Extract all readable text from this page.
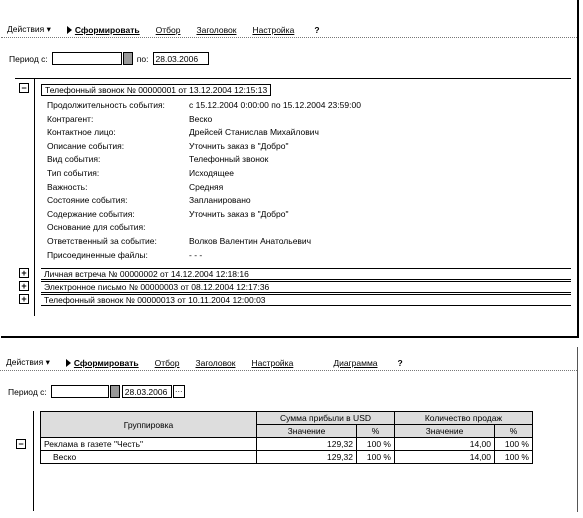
Действия ▾	Сформировать Отбор Заголовок Настройка ?
Период с:	по: 28.03.2006
−
+
+
+
Телефонный звонок № 00000001 от 13.12.2004 12:15:13
Продолжительность события:	с 15.12.2004 0:00:00 по 15.12.2004 23:59:00
Контрагент:	Веско
Контактное лицо:	Дрейсей Станислав Михайлович
Описание события:	Уточнить заказ в "Добро"
Вид события:	Телефонный звонок
Тип события:	Исходящее
Важность:	Средняя
Состояние события:	Запланировано
Содержание события:	Уточнить заказ в "Добро"
Основание для события:
Ответственный за событие:	Волков Валентин Анатольевич
Присоединенные файлы:	- - -
Личная встреча № 00000002 от 14.12.2004 12:18:16
Электронное письмо № 00000003 от 08.12.2004 12:17:36
Телефонный звонок № 00000013 от 10.11.2004 12:00:03
Действия ▾	Сформировать Отбор Заголовок Настройка	Диаграмма ?
Период с:	28.03.2006 …
−
Группировка	Сумма прибыли в USD		Количество продаж	
	Значение	%	Значение	%
Реклама в газете "Честь"	129,32	100 %	14,00	100 %
Веско	129,32	100 %	14,00	100 %
